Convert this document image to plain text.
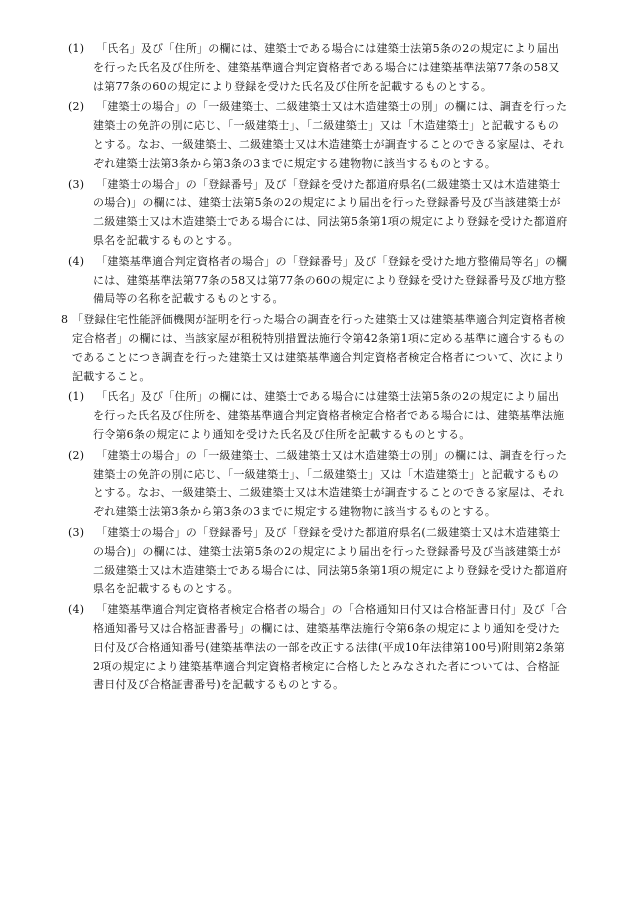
(1) 「氏名」及び「住所」の欄には、建築士である場合には建築士法第5条の2の規定により届出を行った氏名及び住所を、建築基準適合判定資格者である場合には建築基準法第77条の58又は第77条の60の規定により登録を受けた氏名及び住所を記載するものとする。
(2) 「建築士の場合」の「一級建築士、二級建築士又は木造建築士の別」の欄には、調査を行った建築士の免許の別に応じ、「一級建築士」、「二級建築士」又は「木造建築士」と記載するものとする。なお、一級建築士、二級建築士又は木造建築士が調査することのできる家屋は、それぞれ建築士法第3条から第3条の3までに規定する建物物に該当するものとする。
(3) 「建築士の場合」の「登録番号」及び「登録を受けた都道府県名(二級建築士又は木造建築士の場合)」の欄には、建築士法第5条の2の規定により届出を行った登録番号及び当該建築士が二級建築士又は木造建築士である場合には、同法第5条第1項の規定により登録を受けた都道府県名を記載するものとする。
(4) 「建築基準適合判定資格者の場合」の「登録番号」及び「登録を受けた地方整備局等名」の欄には、建築基準法第77条の58又は第77条の60の規定により登録を受けた登録番号及び地方整備局等の名称を記載するものとする。
8 「登録住宅性能評価機関が証明を行った場合の調査を行った建築士又は建築基準適合判定資格者検定合格者」の欄には、当該家屋が租税特別措置法施行令第42条第1項に定める基準に適合するものであることにつき調査を行った建築士又は建築基準適合判定資格者検定合格者について、次により記載すること。
(1) 「氏名」及び「住所」の欄には、建築士である場合には建築士法第5条の2の規定により届出を行った氏名及び住所を、建築基準適合判定資格者検定合格者である場合には、建築基準法施行令第6条の規定により通知を受けた氏名及び住所を記載するものとする。
(2) 「建築士の場合」の「一級建築士、二級建築士又は木造建築士の別」の欄には、調査を行った建築士の免許の別に応じ、「一級建築士」、「二級建築士」又は「木造建築士」と記載するものとする。なお、一級建築士、二級建築士又は木造建築士が調査することのできる家屋は、それぞれ建築士法第3条から第3条の3までに規定する建物物に該当するものとする。
(3) 「建築士の場合」の「登録番号」及び「登録を受けた都道府県名(二級建築士又は木造建築士の場合)」の欄には、建築士法第5条の2の規定により届出を行った登録番号及び当該建築士が二級建築士又は木造建築士である場合には、同法第5条第1項の規定により登録を受けた都道府県名を記載するものとする。
(4) 「建築基準適合判定資格者検定合格者の場合」の「合格通知日付又は合格証書日付」及び「合格通知番号又は合格証書番号」の欄には、建築基準法施行令第6条の規定により通知を受けた日付及び合格通知番号(建築基準法の一部を改正する法律(平成10年法律第100号)附則第2条第2項の規定により建築基準適合判定資格者検定に合格したとみなされた者については、合格証書日付及び合格証書番号)を記載するものとする。
